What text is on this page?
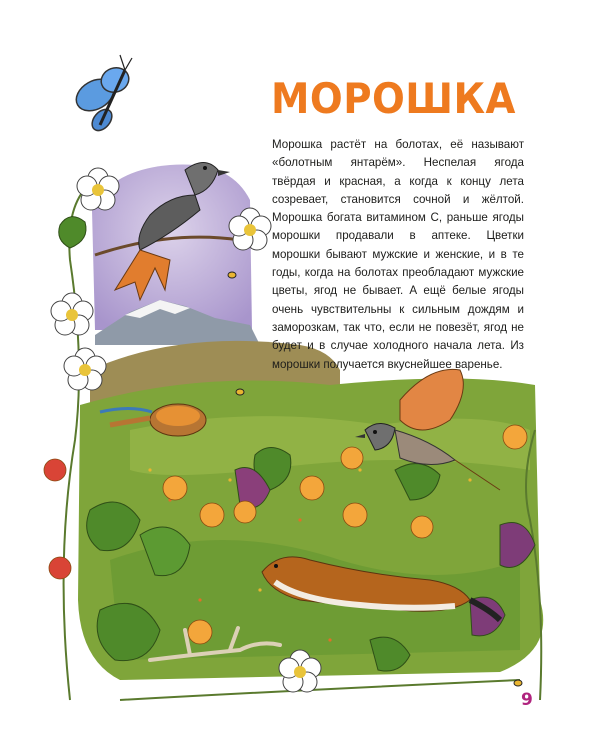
МОРОШКА

Морошка растёт на болотах, её называют «болотным янтарём». Неспелая ягода твёрдая и красная, а когда к концу лета созревает, становится сочной и жёлтой. Морошка богата витамином С, раньше ягоды морошки продавали в аптеке. Цветки морошки бывают мужские и женские, и в те годы, когда на болотах преобладают мужские цветы, ягод не бывает. А ещё белые ягоды очень чувствительны к сильным дождям и заморозкам, так что, если не повезёт, ягод не будет и в случае холодного начала лета. Из морошки получается вкуснейшее варенье.

9
